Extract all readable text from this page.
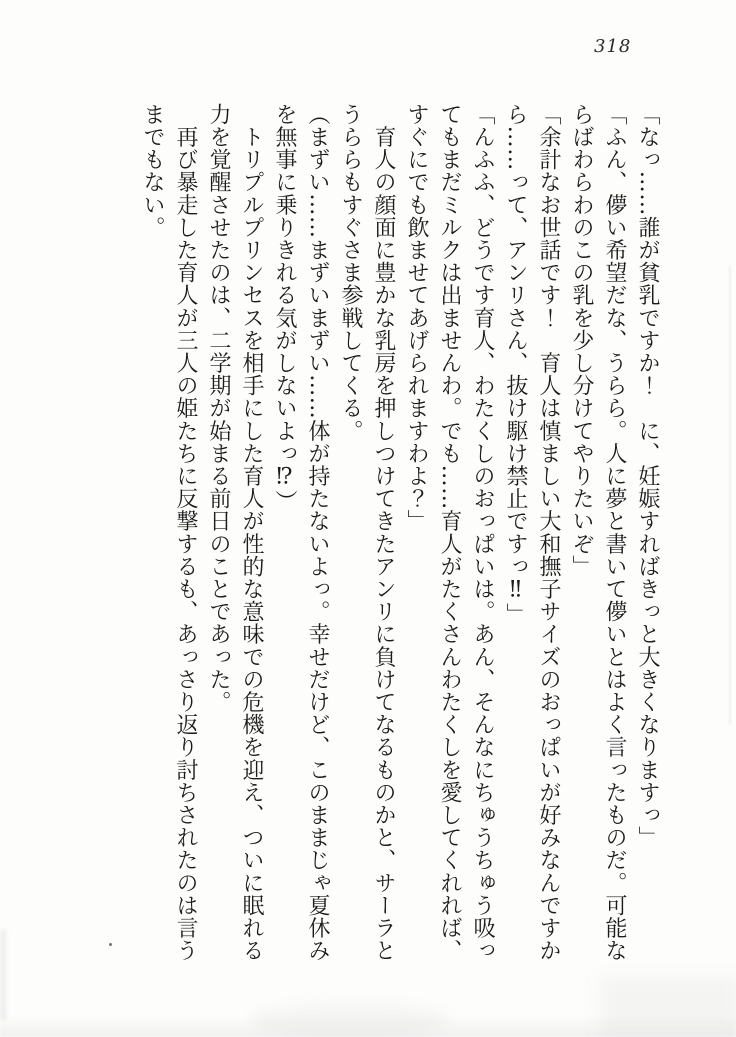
318

「なっ……誰が貧乳ですか！　に、妊娠すればきっと大きくなりますっ」

「ふん、儚い希望だな、うらら。人に夢と書いて儚いとはよく言ったものだ。可能な

らばわらわのこの乳を少し分けてやりたいぞ」

「余計なお世話です！　育人は慎ましい大和撫子サイズのおっぱいが好みなんですか

ら……って、アンリさん、抜け駆け禁止ですっ‼」

「んふふ、どうです育人、わたくしのおっぱいは。あん、そんなにちゅうちゅう吸っ

てもまだミルクは出ませんわ。でも……育人がたくさんわたくしを愛してくれれば、

すぐにでも飲ませてあげられますわよ？」

　育人の顔面に豊かな乳房を押しつけてきたアンリに負けてなるものかと、サーラと

うららもすぐさま参戦してくる。

（まずい……まずいまずい……体が持たないよっ。幸せだけど、このままじゃ夏休み

を無事に乗りきれる気がしないよっ⁉）

　トリプルプリンセスを相手にした育人が性的な意味での危機を迎え、ついに眠れる

力を覚醒させたのは、二学期が始まる前日のことであった。

　再び暴走した育人が三人の姫たちに反撃するも、あっさり返り討ちされたのは言う

までもない。
